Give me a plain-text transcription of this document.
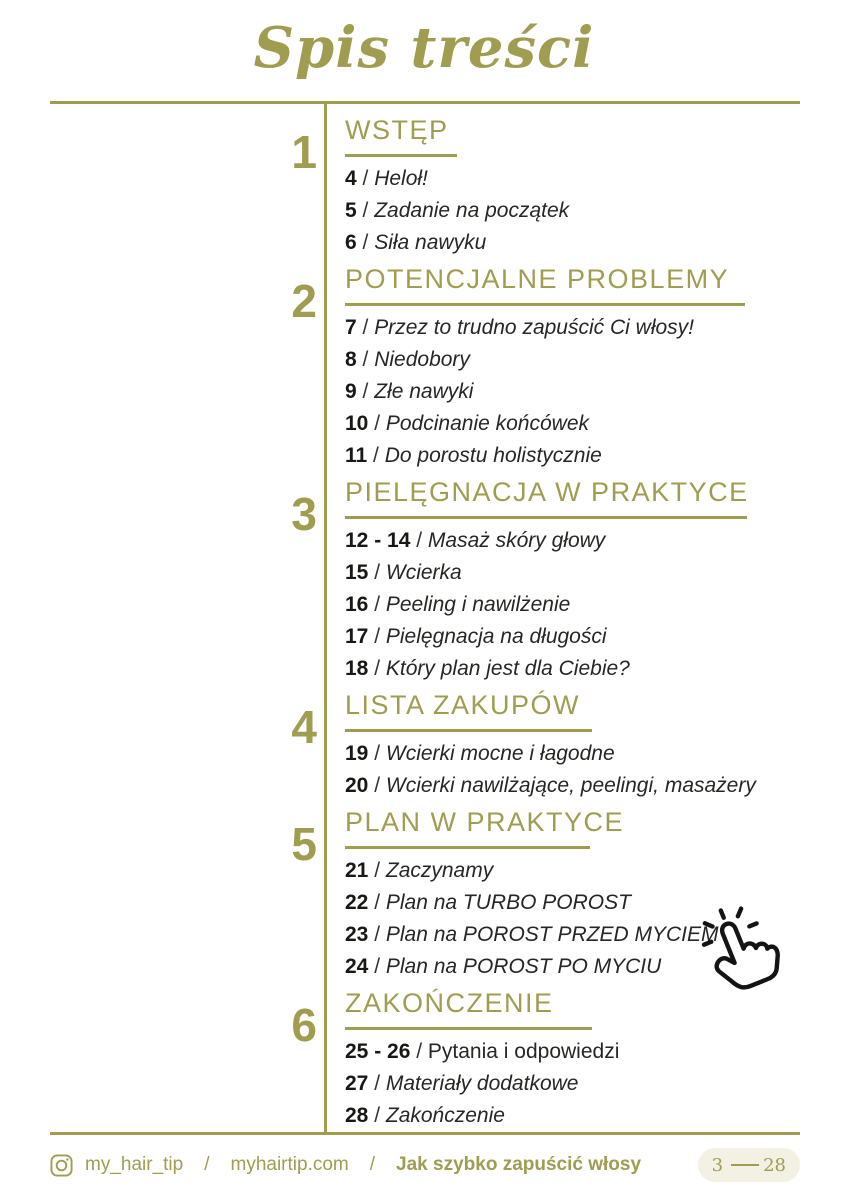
Spis treści
1 WSTĘP
4 / Heloł!
5 / Zadanie na początek
6 / Siła nawyku
2 POTENCJALNE PROBLEMY
7 / Przez to trudno zapuścić Ci włosy!
8 / Niedobory
9 / Złe nawyki
10 / Podcinanie końcówek
11 / Do porostu holistycznie
3 PIELĘGNACJA W PRAKTYCE
12 - 14 / Masaż skóry głowy
15 / Wcierka
16 / Peeling i nawilżenie
17 / Pielęgnacja na długości
18 / Który plan jest dla Ciebie?
4 LISTA ZAKUPÓW
19 / Wcierki mocne i łagodne
20 / Wcierki nawilżające, peelingi, masażery
5 PLAN W PRAKTYCE
21 / Zaczynamy
22 / Plan na TURBO POROST
23 / Plan na POROST PRZED MYCIEM
24 / Plan na POROST PO MYCIU
6 ZAKOŃCZENIE
25 - 26 / Pytania i odpowiedzi
27 / Materiały dodatkowe
28 / Zakończenie
my_hair_tip / myhairtip.com / Jak szybko zapuścić włosy	3 28
